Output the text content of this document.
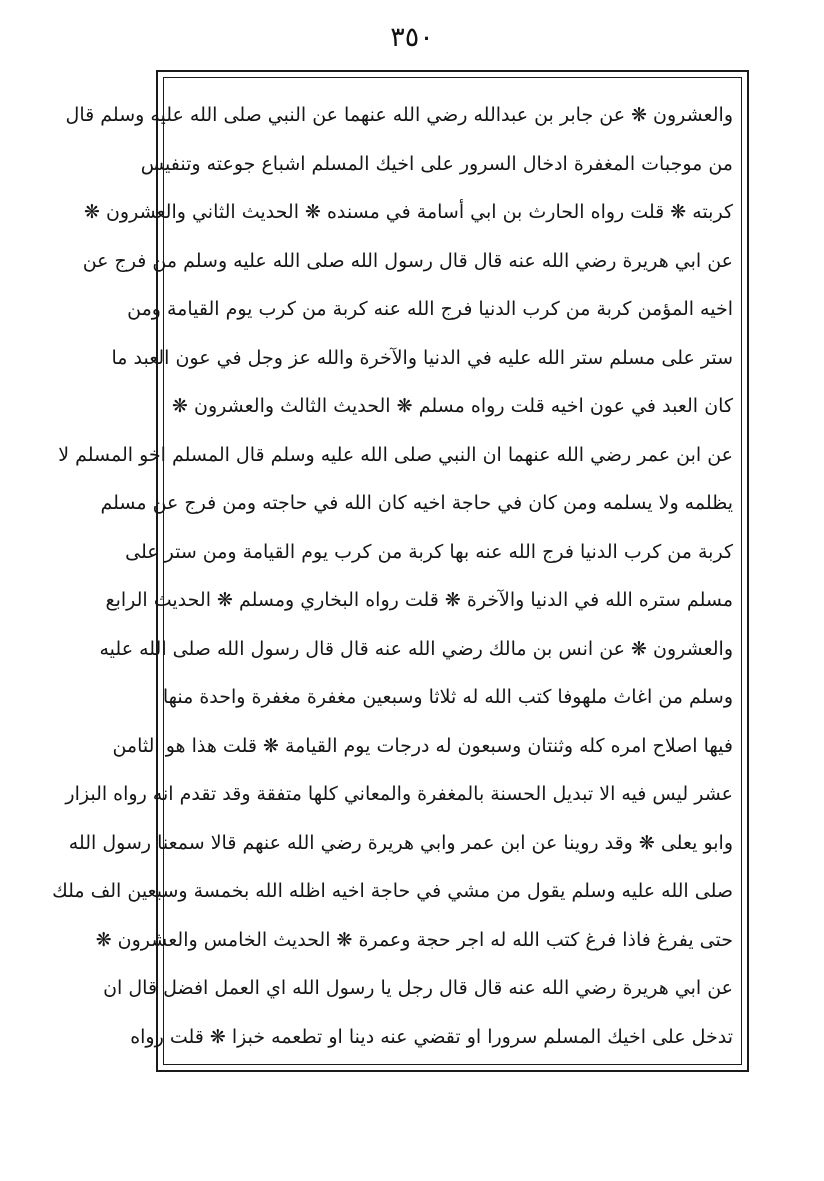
٣٥٠
والعشرون ❋ عن جابر بن عبدالله رضي الله عنهما عن النبي صلى الله عليه وسلم قال
من موجبات المغفرة ادخال السرور على اخيك المسلم اشباع جوعته وتنفيس
كربته ❋ قلت رواه الحارث بن ابي أسامة في مسنده ❋ الحديث الثاني والعشرون ❋
عن ابي هريرة رضي الله عنه قال قال رسول الله صلى الله عليه وسلم من فرج عن
اخيه المؤمن كربة من كرب الدنيا فرج الله عنه كربة من كرب يوم القيامة ومن
ستر على مسلم ستر الله عليه في الدنيا والآخرة والله عز وجل في عون العبد ما
كان العبد في عون اخيه قلت رواه مسلم ❋ الحديث الثالث والعشرون ❋
عن ابن عمر رضي الله عنهما ان النبي صلى الله عليه وسلم قال المسلم اخو المسلم لا
يظلمه ولا يسلمه ومن كان في حاجة اخيه كان الله في حاجته ومن فرج عن مسلم
كربة من كرب الدنيا فرج الله عنه بها كربة من كرب يوم القيامة ومن ستر على
مسلم ستره الله في الدنيا والآخرة ❋ قلت رواه البخاري ومسلم ❋ الحديث الرابع
والعشرون ❋ عن انس بن مالك رضي الله عنه قال قال رسول الله صلى الله عليه
وسلم من اغاث ملهوفا كتب الله له ثلاثا وسبعين مغفرة مغفرة واحدة منها
فيها اصلاح امره كله وثنتان وسبعون له درجات يوم القيامة ❋ قلت هذا هو الثامن
عشر ليس فيه الا تبديل الحسنة بالمغفرة والمعاني كلها متفقة وقد تقدم انه رواه البزار
وابو يعلى ❋ وقد روينا عن ابن عمر وابي هريرة رضي الله عنهم قالا سمعنا رسول الله
صلى الله عليه وسلم يقول من مشي في حاجة اخيه اظله الله بخمسة وسبعين الف ملك
حتى يفرغ فاذا فرغ كتب الله له اجر حجة وعمرة ❋ الحديث الخامس والعشرون ❋
عن ابي هريرة رضي الله عنه قال قال رجل يا رسول الله اي العمل افضل قال ان
تدخل على اخيك المسلم سرورا او تقضي عنه دينا او تطعمه خبزا ❋ قلت رواه
